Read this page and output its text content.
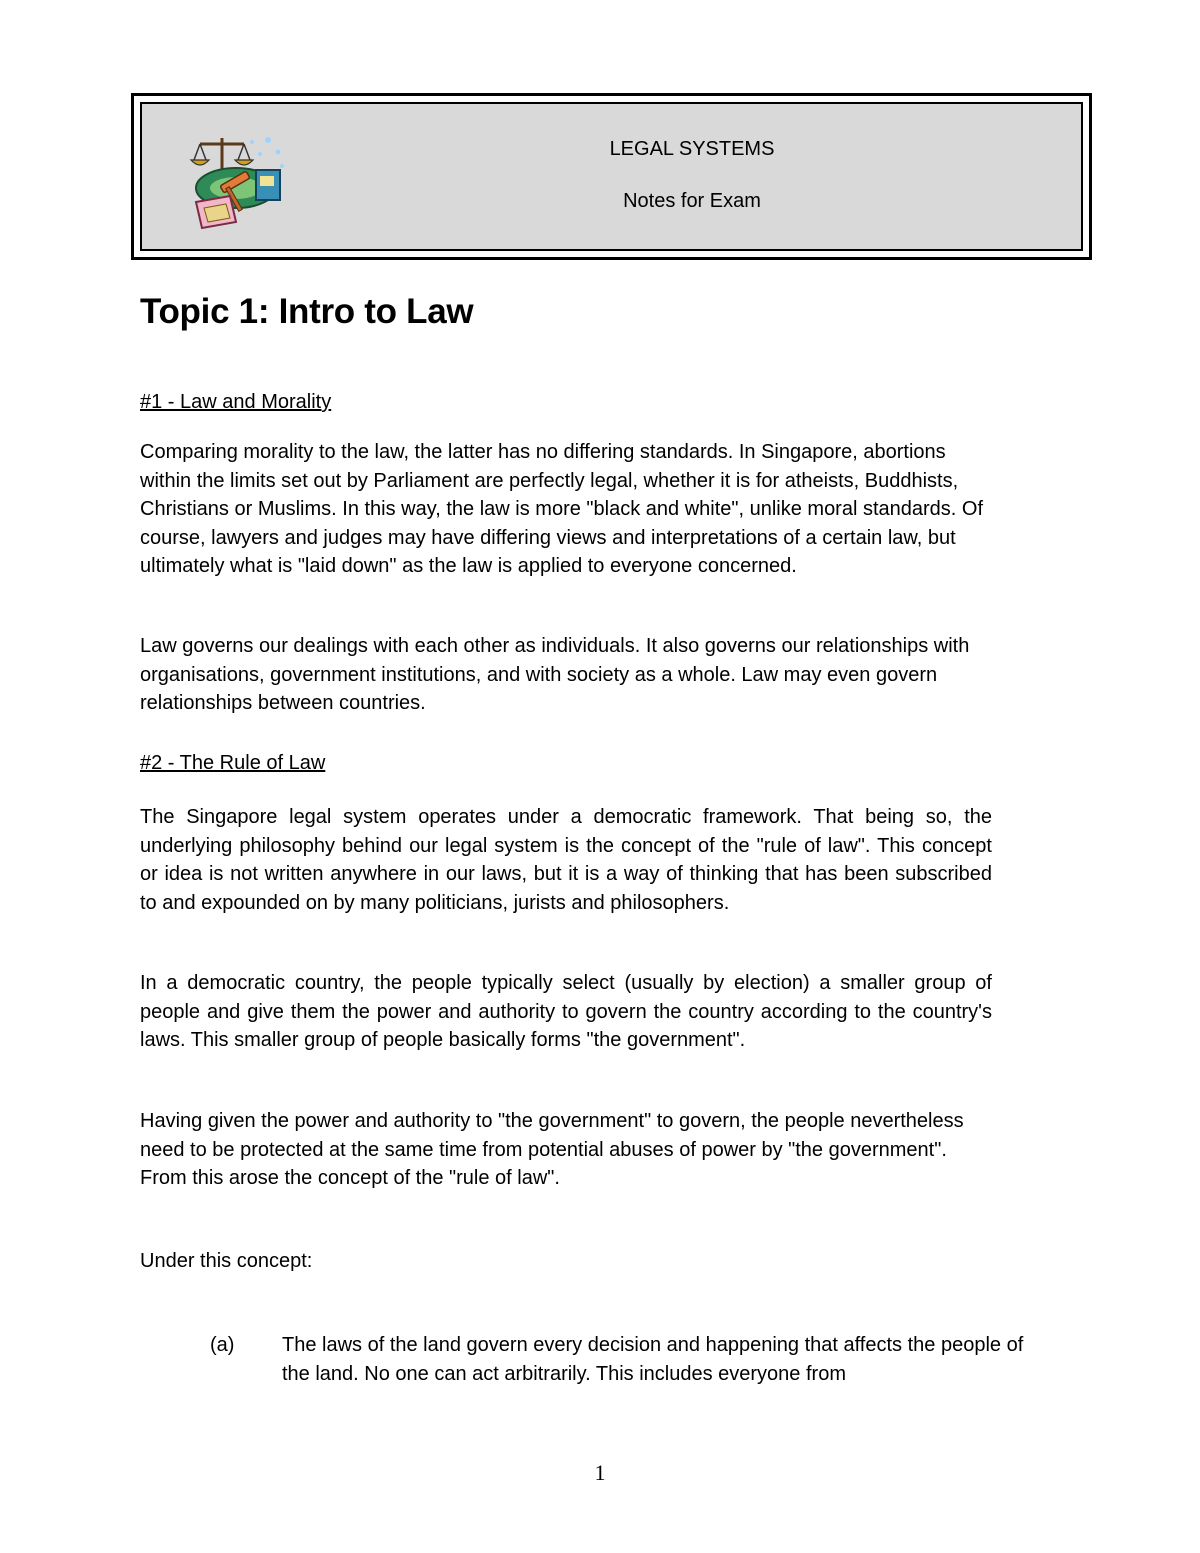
LEGAL SYSTEMS
Notes for Exam
Topic 1: Intro to Law

#1 - Law and Morality

Comparing morality to the law, the latter has no differing standards. In Singapore, abortions within the limits set out by Parliament are perfectly legal, whether it is for atheists, Buddhists, Christians or Muslims. In this way, the law is more "black and white", unlike moral standards. Of course, lawyers and judges may have differing views and interpretations of a certain law, but ultimately what is "laid down" as the law is applied to everyone concerned.

Law governs our dealings with each other as individuals. It also governs our relationships with organisations, government institutions, and with society as a whole. Law may even govern relationships between countries.

#2 - The Rule of Law

The Singapore legal system operates under a democratic framework. That being so, the underlying philosophy behind our legal system is the concept of the "rule of law". This concept or idea is not written anywhere in our laws, but it is a way of thinking that has been subscribed to and expounded on by many politicians, jurists and philosophers.

In a democratic country, the people typically select (usually by election) a smaller group of people and give them the power and authority to govern the country according to the country's laws. This smaller group of people basically forms "the government".

Having given the power and authority to "the government" to govern, the people nevertheless need to be protected at the same time from potential abuses of power by "the government". From this arose the concept of the "rule of law".

Under this concept:

(a)	The laws of the land govern every decision and happening that affects the people of the land. No one can act arbitrarily. This includes everyone from
1
